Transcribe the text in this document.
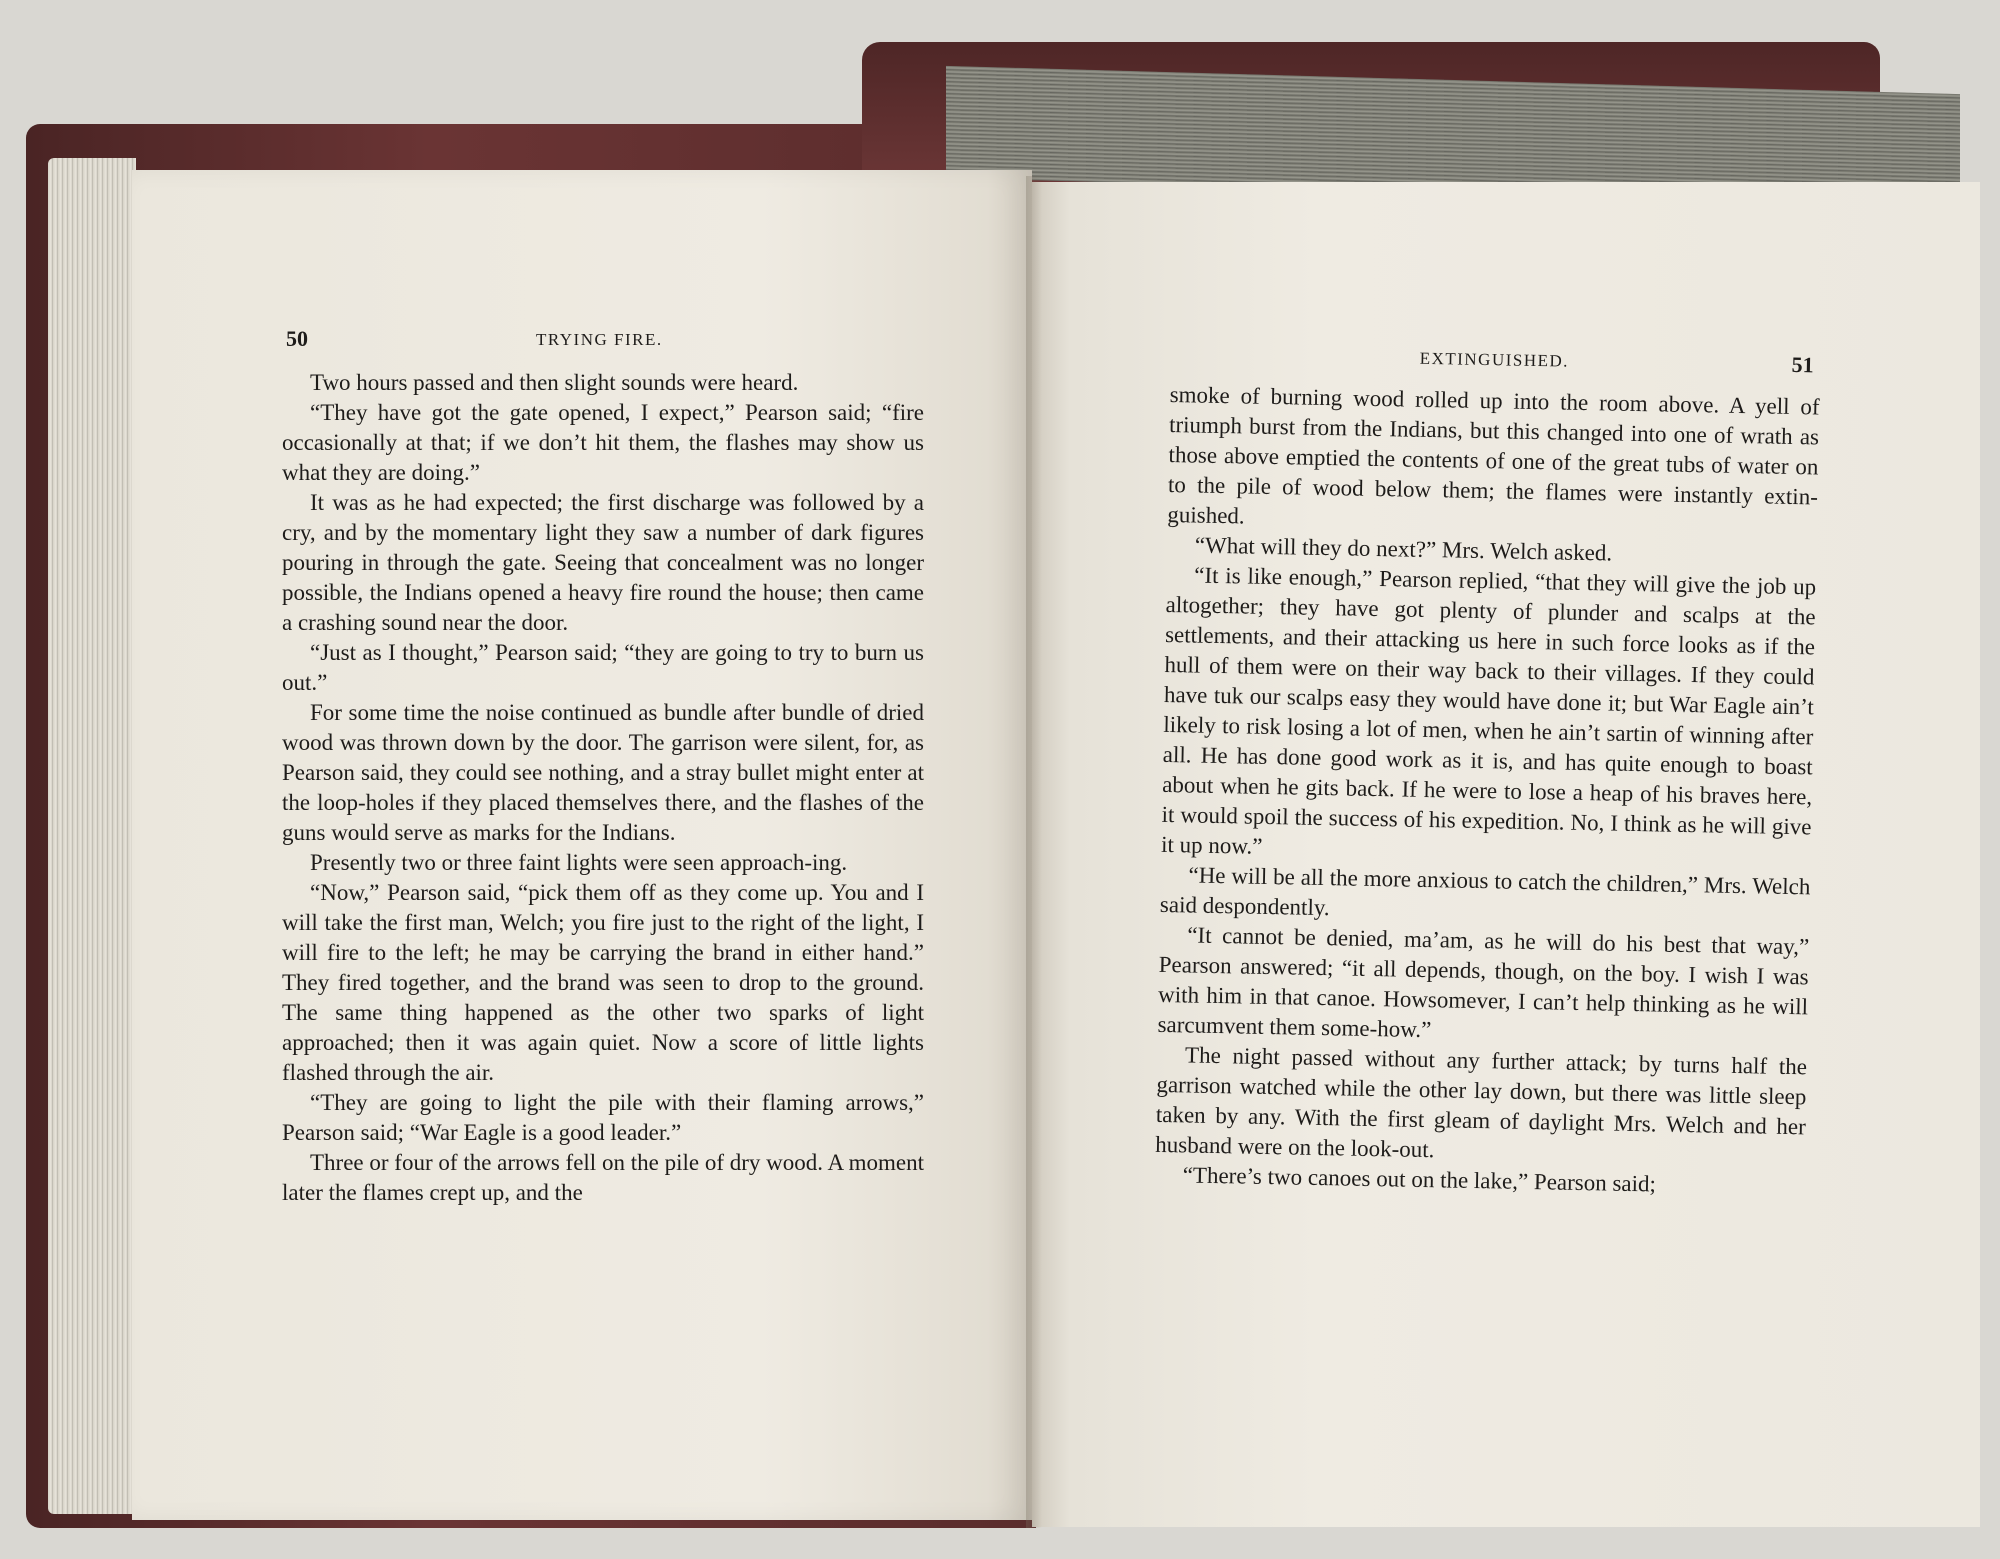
50	TRYING FIRE.

Two hours passed and then slight sounds were heard.

“They have got the gate opened, I expect,” Pearson said; “fire occasionally at that; if we don’t hit them, the flashes may show us what they are doing.”

It was as he had expected; the first discharge was followed by a cry, and by the momentary light they saw a number of dark figures pouring in through the gate. Seeing that concealment was no longer possible, the Indians opened a heavy fire round the house; then came a crashing sound near the door.

“Just as I thought,” Pearson said; “they are going to try to burn us out.”

For some time the noise continued as bundle after bundle of dried wood was thrown down by the door. The garrison were silent, for, as Pearson said, they could see nothing, and a stray bullet might enter at the loop-holes if they placed themselves there, and the flashes of the guns would serve as marks for the Indians.

Presently two or three faint lights were seen approach-ing.

“Now,” Pearson said, “pick them off as they come up. You and I will take the first man, Welch; you fire just to the right of the light, I will fire to the left; he may be carrying the brand in either hand.” They fired together, and the brand was seen to drop to the ground. The same thing happened as the other two sparks of light approached; then it was again quiet. Now a score of little lights flashed through the air.

“They are going to light the pile with their flaming arrows,” Pearson said; “War Eagle is a good leader.”

Three or four of the arrows fell on the pile of dry wood. A moment later the flames crept up, and the

EXTINGUISHED.	51

smoke of burning wood rolled up into the room above. A yell of triumph burst from the Indians, but this changed into one of wrath as those above emptied the contents of one of the great tubs of water on to the pile of wood below them; the flames were instantly extin-guished.

“What will they do next?” Mrs. Welch asked.

“It is like enough,” Pearson replied, “that they will give the job up altogether; they have got plenty of plunder and scalps at the settlements, and their attacking us here in such force looks as if the hull of them were on their way back to their villages. If they could have tuk our scalps easy they would have done it; but War Eagle ain’t likely to risk losing a lot of men, when he ain’t sartin of winning after all. He has done good work as it is, and has quite enough to boast about when he gits back. If he were to lose a heap of his braves here, it would spoil the success of his expedition. No, I think as he will give it up now.”

“He will be all the more anxious to catch the children,” Mrs. Welch said despondently.

“It cannot be denied, ma’am, as he will do his best that way,” Pearson answered; “it all depends, though, on the boy. I wish I was with him in that canoe. Howsomever, I can’t help thinking as he will sarcumvent them some-how.”

The night passed without any further attack; by turns half the garrison watched while the other lay down, but there was little sleep taken by any. With the first gleam of daylight Mrs. Welch and her husband were on the look-out.

“There’s two canoes out on the lake,” Pearson said;
